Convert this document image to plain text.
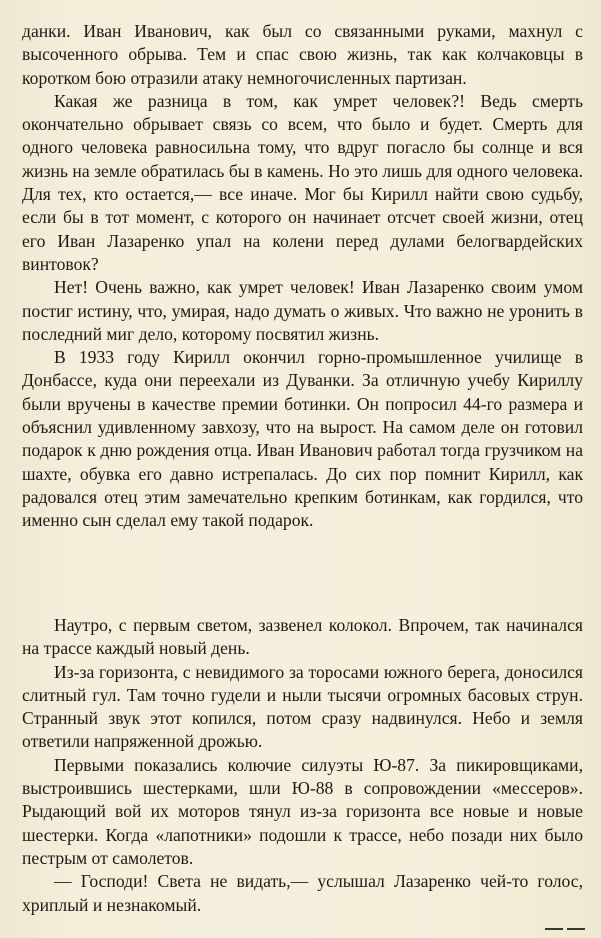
данки. Иван Иванович, как был со связанными руками, махнул с высоченного обрыва. Тем и спас свою жизнь, так как колчаковцы в коротком бою отразили атаку немногочисленных партизан.

Какая же разница в том, как умрет человек?! Ведь смерть окончательно обрывает связь со всем, что было и будет. Смерть для одного человека равносильна тому, что вдруг погасло бы солнце и вся жизнь на земле обратилась бы в камень. Но это лишь для одного человека. Для тех, кто остается,— все иначе. Мог бы Кирилл найти свою судьбу, если бы в тот момент, с которого он начинает отсчет своей жизни, отец его Иван Лазаренко упал на колени перед дулами белогвардейских винтовок?

Нет! Очень важно, как умрет человек! Иван Лазаренко своим умом постиг истину, что, умирая, надо думать о живых. Что важно не уронить в последний миг дело, которому посвятил жизнь.

В 1933 году Кирилл окончил горно-промышленное училище в Донбассе, куда они переехали из Дуванки. За отличную учебу Кириллу были вручены в качестве премии ботинки. Он попросил 44-го размера и объяснил удивленному завхозу, что на вырост. На самом деле он готовил подарок к дню рождения отца. Иван Иванович работал тогда грузчиком на шахте, обувка его давно истрепалась. До сих пор помнит Кирилл, как радовался отец этим замечательно крепким ботинкам, как гордился, что именно сын сделал ему такой подарок.

Наутро, с первым светом, зазвенел колокол. Впрочем, так начинался на трассе каждый новый день.

Из-за горизонта, с невидимого за торосами южного берега, доносился слитный гул. Там точно гудели и ныли тысячи огромных басовых струн. Странный звук этот копился, потом сразу надвинулся. Небо и земля ответили напряженной дрожью.

Первыми показались колючие силуэты Ю-87. За пикировщиками, выстроившись шестерками, шли Ю-88 в сопровождении «мессеров». Рыдающий вой их моторов тянул из-за горизонта все новые и новые шестерки. Когда «лапотники» подошли к трассе, небо позади них было пестрым от самолетов.

— Господи! Света не видать,— услышал Лазаренко чей-то голос, хриплый и незнакомый.
